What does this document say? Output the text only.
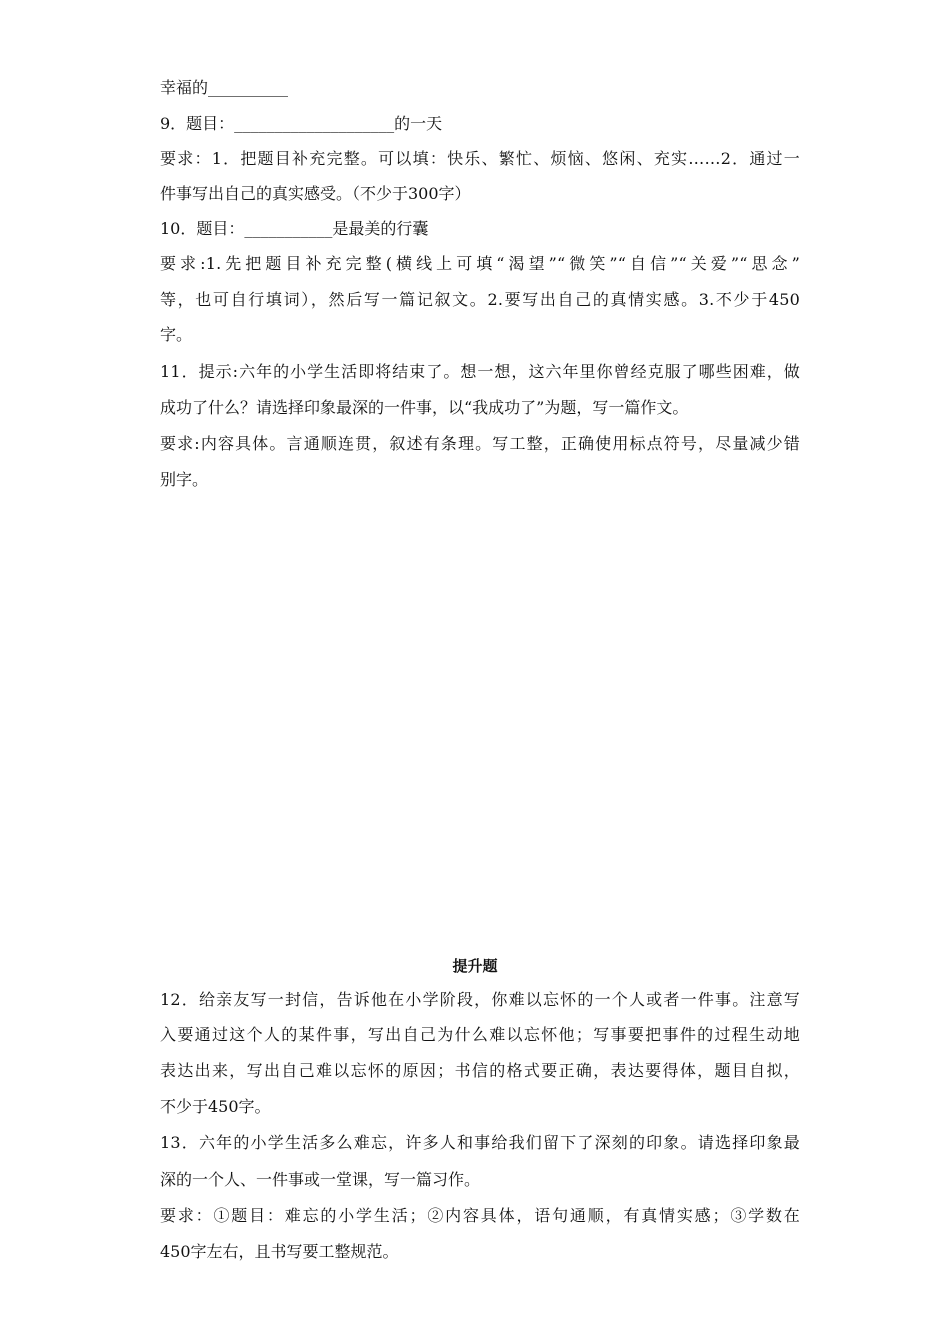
幸福的__________
9．题目：____________________的一天
要求：1．把题目补充完整。可以填：快乐、繁忙、烦恼、悠闲、充实……2．通过一
件事写出自己的真实感受。（不少于300字）
10．题目：___________是最美的行囊
要求:1.先把题目补充完整(横线上可填“渴望”“微笑”“自信”“关爱”“思念”
等，也可自行填词），然后写一篇记叙文。2.要写出自己的真情实感。3.不少于450
字。
11．提示:六年的小学生活即将结束了。想一想，这六年里你曾经克服了哪些困难，做
成功了什么？请选择印象最深的一件事，以“我成功了”为题，写一篇作文。
要求:内容具体。言通顺连贯，叙述有条理。写工整，正确使用标点符号，尽量减少错
别字。
提升题
12．给亲友写一封信，告诉他在小学阶段，你难以忘怀的一个人或者一件事。注意写
入要通过这个人的某件事，写出自己为什么难以忘怀他；写事要把事件的过程生动地
表达出来，写出自己难以忘怀的原因；书信的格式要正确，表达要得体，题目自拟，
不少于450字。
13．六年的小学生活多么难忘，许多人和事给我们留下了深刻的印象。请选择印象最
深的一个人、一件事或一堂课，写一篇习作。
要求：①题目：难忘的小学生活；②内容具体，语句通顺，有真情实感；③学数在
450字左右，且书写要工整规范。
